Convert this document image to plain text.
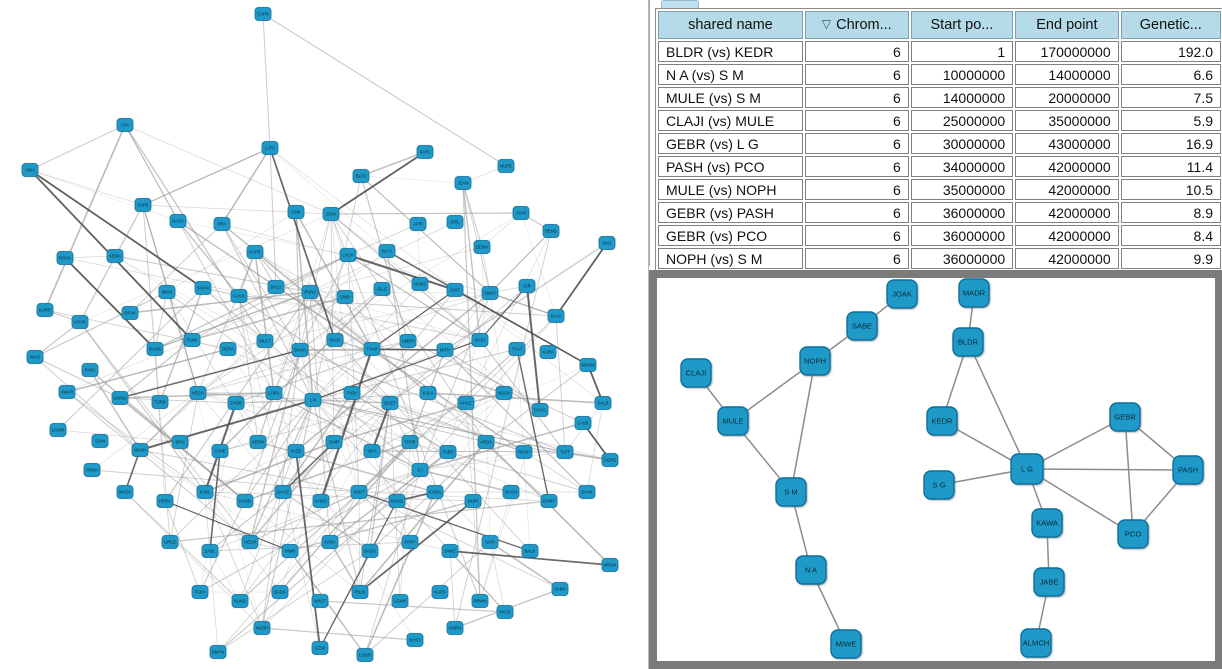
CAPS
LATC
I PA
VINA
KATC
NUPE
BLFS
JEAN
SAPE
NAJO
PRA
ASIK	JOSA
AFRI	SRIL
TUHI
NAG
ROCK	SEMA
HAPS
LACH
BU S
DEWA
BENG
MIRS
SHAN
KASH
BALU
PUNJ
SIND
GILG
HUNZ
CHIT
SWAT
DIR
BAJA
MOHM
KHYB
ORAK
KURR
WAZI
BANN
TANK
DERA
MULT
BAHA
RAJA
THAR
UMER
MITH
BADI
THAT
KARA
LASB
AWAR
PANJ
GWAD
TURB
KECH
ZHOB
LORA
L N
PISH
QUET
KALA
KHUZ
NUSH
CHAG
DALB
TAFT
SAIN
MASH
BIRJ
ZAHE
KERM
YAZD
SHIR
S I
ISFA
TEHR
TABR
ARDA
RASH
GORG
MAZA
HERA
KABL
KAND
GHAZ
KHOS
PAKT
NANG
KUNA
NURI
BAGH
BAMY
DAYK
URUZ
ZABL
HELM
NIMR
FARA
BADG
FARY
JAWZ
SARI
BALK
SAMA
TAKH
KUND
BADA
NRST
PNJS
LGMN
KAPS
PRWN
WRDK
BMYN
GZNI
PKTK
KHST
LOGR
NGRH	KNRH
LGHM
PNSH
shared name	▽ Chrom...	Start po...	End point	Genetic...
BLDR (vs) KEDR	6	1	170000000	192.0
N A (vs) S M	6	10000000	14000000	6.6
MULE (vs) S M	6	14000000	20000000	7.5
CLAJI (vs) MULE	6	25000000	35000000	5.9
GEBR (vs) L G	6	30000000	43000000	16.9
PASH (vs) PCO	6	34000000	42000000	11.4
MULE (vs) NOPH	6	35000000	42000000	10.5
GEBR (vs) PASH	6	36000000	42000000	8.9
GEBR (vs) PCO	6	36000000	42000000	8.4
NOPH (vs) S M	6	36000000	42000000	9.9
JOAK
SABE
NOPH
CLAJI
MULE
S M
N A
MIWE
MADR
BLDR
KEDR
S G
L G
GEBR
PASH
KAWA
PCO
JABE
ALMCH
